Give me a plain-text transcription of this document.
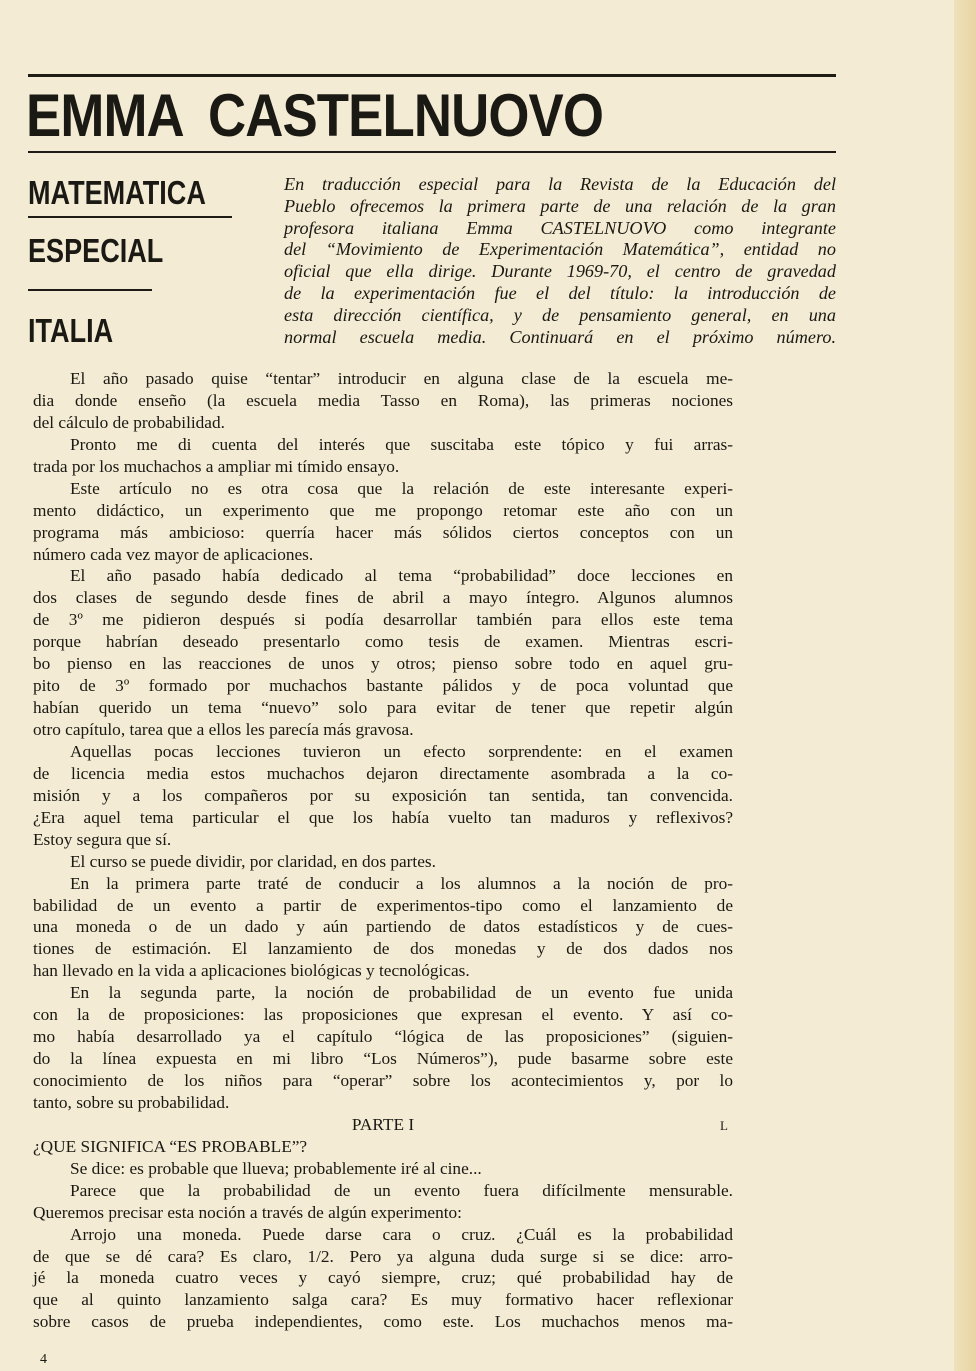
EMMA CASTELNUOVO
MATEMATICA
ESPECIAL
ITALIA
En traducción especial para la Revista de la Educación del
Pueblo ofrecemos la primera parte de una relación de la gran
profesora italiana Emma CASTELNUOVO como integrante
del “Movimiento de Experimentación Matemática”, entidad no
oficial que ella dirige. Durante 1969-70, el centro de gravedad
de la experimentación fue el del título: la introducción de
esta dirección científica, y de pensamiento general, en una
normal escuela media. Continuará en el próximo número.
El año pasado quise “tentar” introducir en alguna clase de la escuela me-
dia donde enseño (la escuela media Tasso en Roma), las primeras nociones
del cálculo de probabilidad.
Pronto me di cuenta del interés que suscitaba este tópico y fui arras-
trada por los muchachos a ampliar mi tímido ensayo.
Este artículo no es otra cosa que la relación de este interesante experi-
mento didáctico, un experimento que me propongo retomar este año con un
programa más ambicioso: querría hacer más sólidos ciertos conceptos con un
número cada vez mayor de aplicaciones.
El año pasado había dedicado al tema “probabilidad” doce lecciones en
dos clases de segundo desde fines de abril a mayo íntegro. Algunos alumnos
de 3º me pidieron después si podía desarrollar también para ellos este tema
porque habrían deseado presentarlo como tesis de examen. Mientras escri-
bo pienso en las reacciones de unos y otros; pienso sobre todo en aquel gru-
pito de 3º formado por muchachos bastante pálidos y de poca voluntad que
habían querido un tema “nuevo” solo para evitar de tener que repetir algún
otro capítulo, tarea que a ellos les parecía más gravosa.
Aquellas pocas lecciones tuvieron un efecto sorprendente: en el examen
de licencia media estos muchachos dejaron directamente asombrada a la co-
misión y a los compañeros por su exposición tan sentida, tan convencida.
¿Era aquel tema particular el que los había vuelto tan maduros y reflexivos?
Estoy segura que sí.
El curso se puede dividir, por claridad, en dos partes.
En la primera parte traté de conducir a los alumnos a la noción de pro-
babilidad de un evento a partir de experimentos-tipo como el lanzamiento de
una moneda o de un dado y aún partiendo de datos estadísticos y de cues-
tiones de estimación. El lanzamiento de dos monedas y de dos dados nos
han llevado en la vida a aplicaciones biológicas y tecnológicas.
En la segunda parte, la noción de probabilidad de un evento fue unida
con la de proposiciones: las proposiciones que expresan el evento. Y así co-
mo había desarrollado ya el capítulo “lógica de las proposiciones” (siguien-
do la línea expuesta en mi libro “Los Números”), pude basarme sobre este
conocimiento de los niños para “operar” sobre los acontecimientos y, por lo
tanto, sobre su probabilidad.
PARTE I
¿QUE SIGNIFICA “ES PROBABLE”?
Se dice: es probable que llueva; probablemente iré al cine...
Parece que la probabilidad de un evento fuera difícilmente mensurable.
Queremos precisar esta noción a través de algún experimento:
Arrojo una moneda. Puede darse cara o cruz. ¿Cuál es la probabilidad
de que se dé cara? Es claro, 1/2. Pero ya alguna duda surge si se dice: arro-
jé la moneda cuatro veces y cayó siempre, cruz; qué probabilidad hay de
que al quinto lanzamiento salga cara? Es muy formativo hacer reflexionar
sobre casos de prueba independientes, como este. Los muchachos menos ma-
L
4
